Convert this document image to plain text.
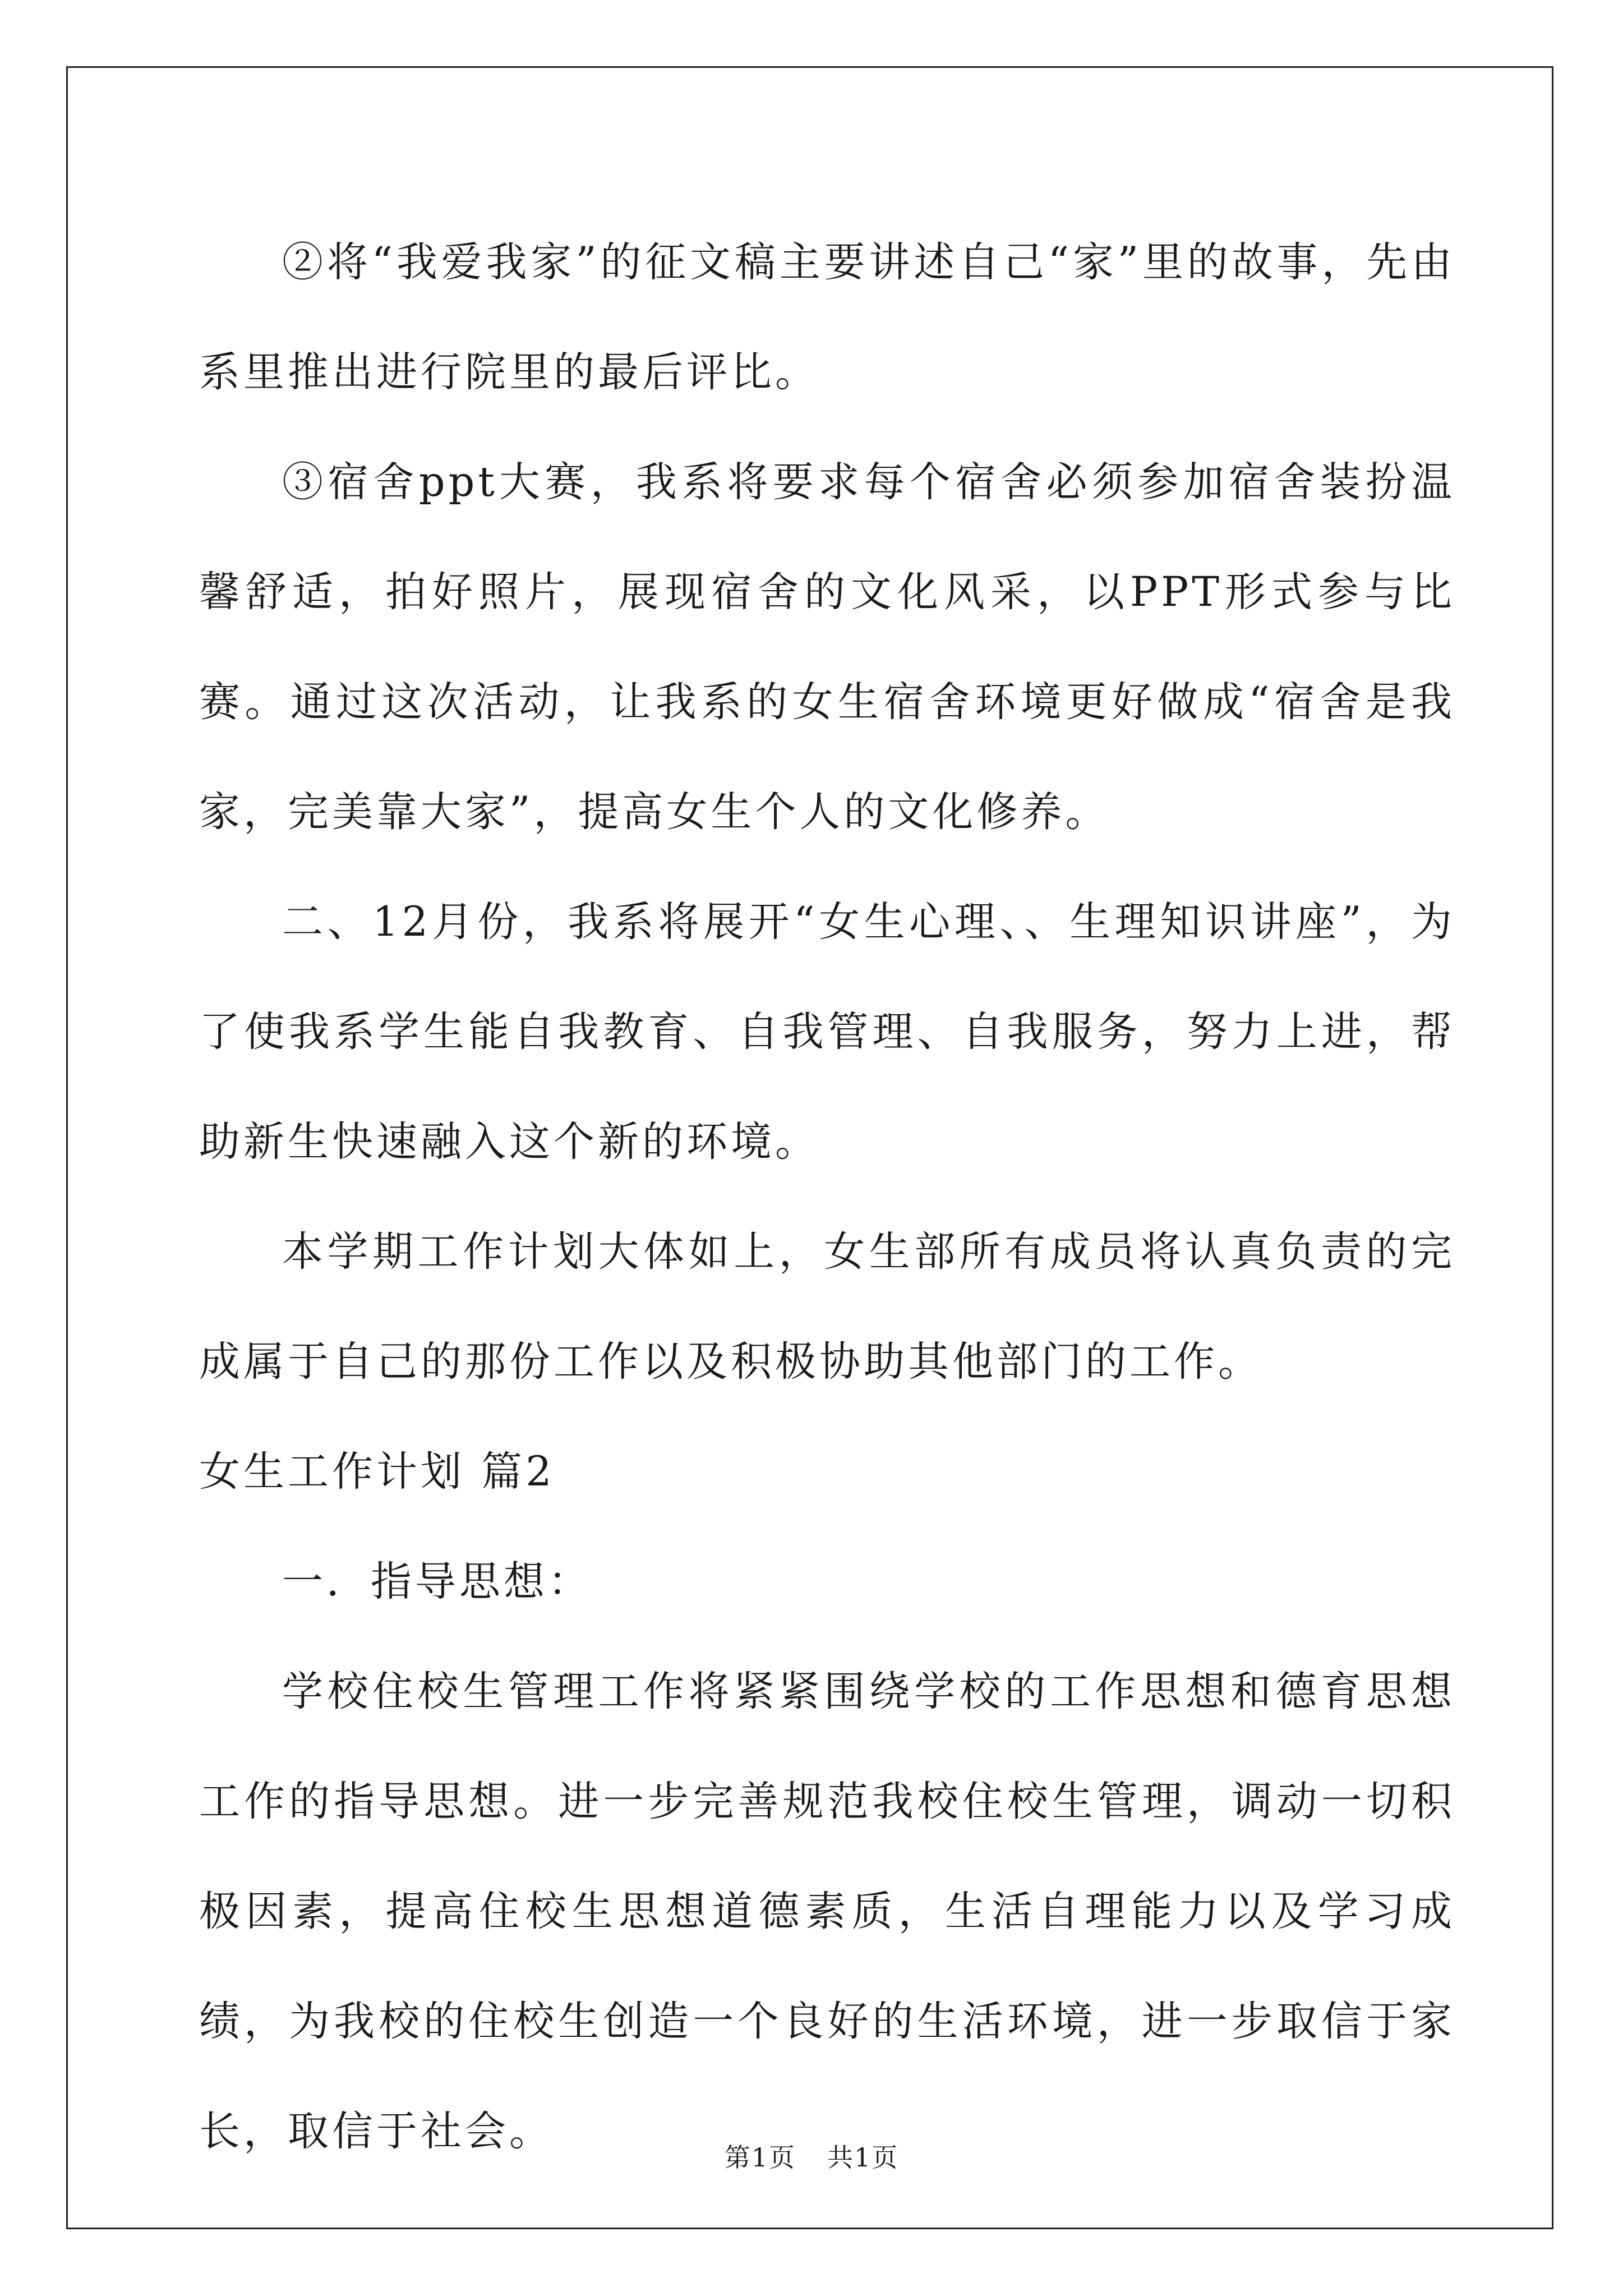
②将“我爱我家”的征文稿主要讲述自己“家”里的故事，先由系里推出进行院里的最后评比。

③宿舍ppt大赛，我系将要求每个宿舍必须参加宿舍装扮温馨舒适，拍好照片，展现宿舍的文化风采，以PPT形式参与比赛。通过这次活动，让我系的女生宿舍环境更好做成“宿舍是我家，完美靠大家”，提高女生个人的文化修养。

二、12月份，我系将展开“女生心理、、生理知识讲座”，为了使我系学生能自我教育、自我管理、自我服务，努力上进，帮助新生快速融入这个新的环境。

本学期工作计划大体如上，女生部所有成员将认真负责的完成属于自己的那份工作以及积极协助其他部门的工作。

女生工作计划 篇2

一．指导思想：

学校住校生管理工作将紧紧围绕学校的工作思想和德育思想工作的指导思想。进一步完善规范我校住校生管理，调动一切积极因素，提高住校生思想道德素质，生活自理能力以及学习成绩，为我校的住校生创造一个良好的生活环境，进一步取信于家长，取信于社会。

第1页 共1页
